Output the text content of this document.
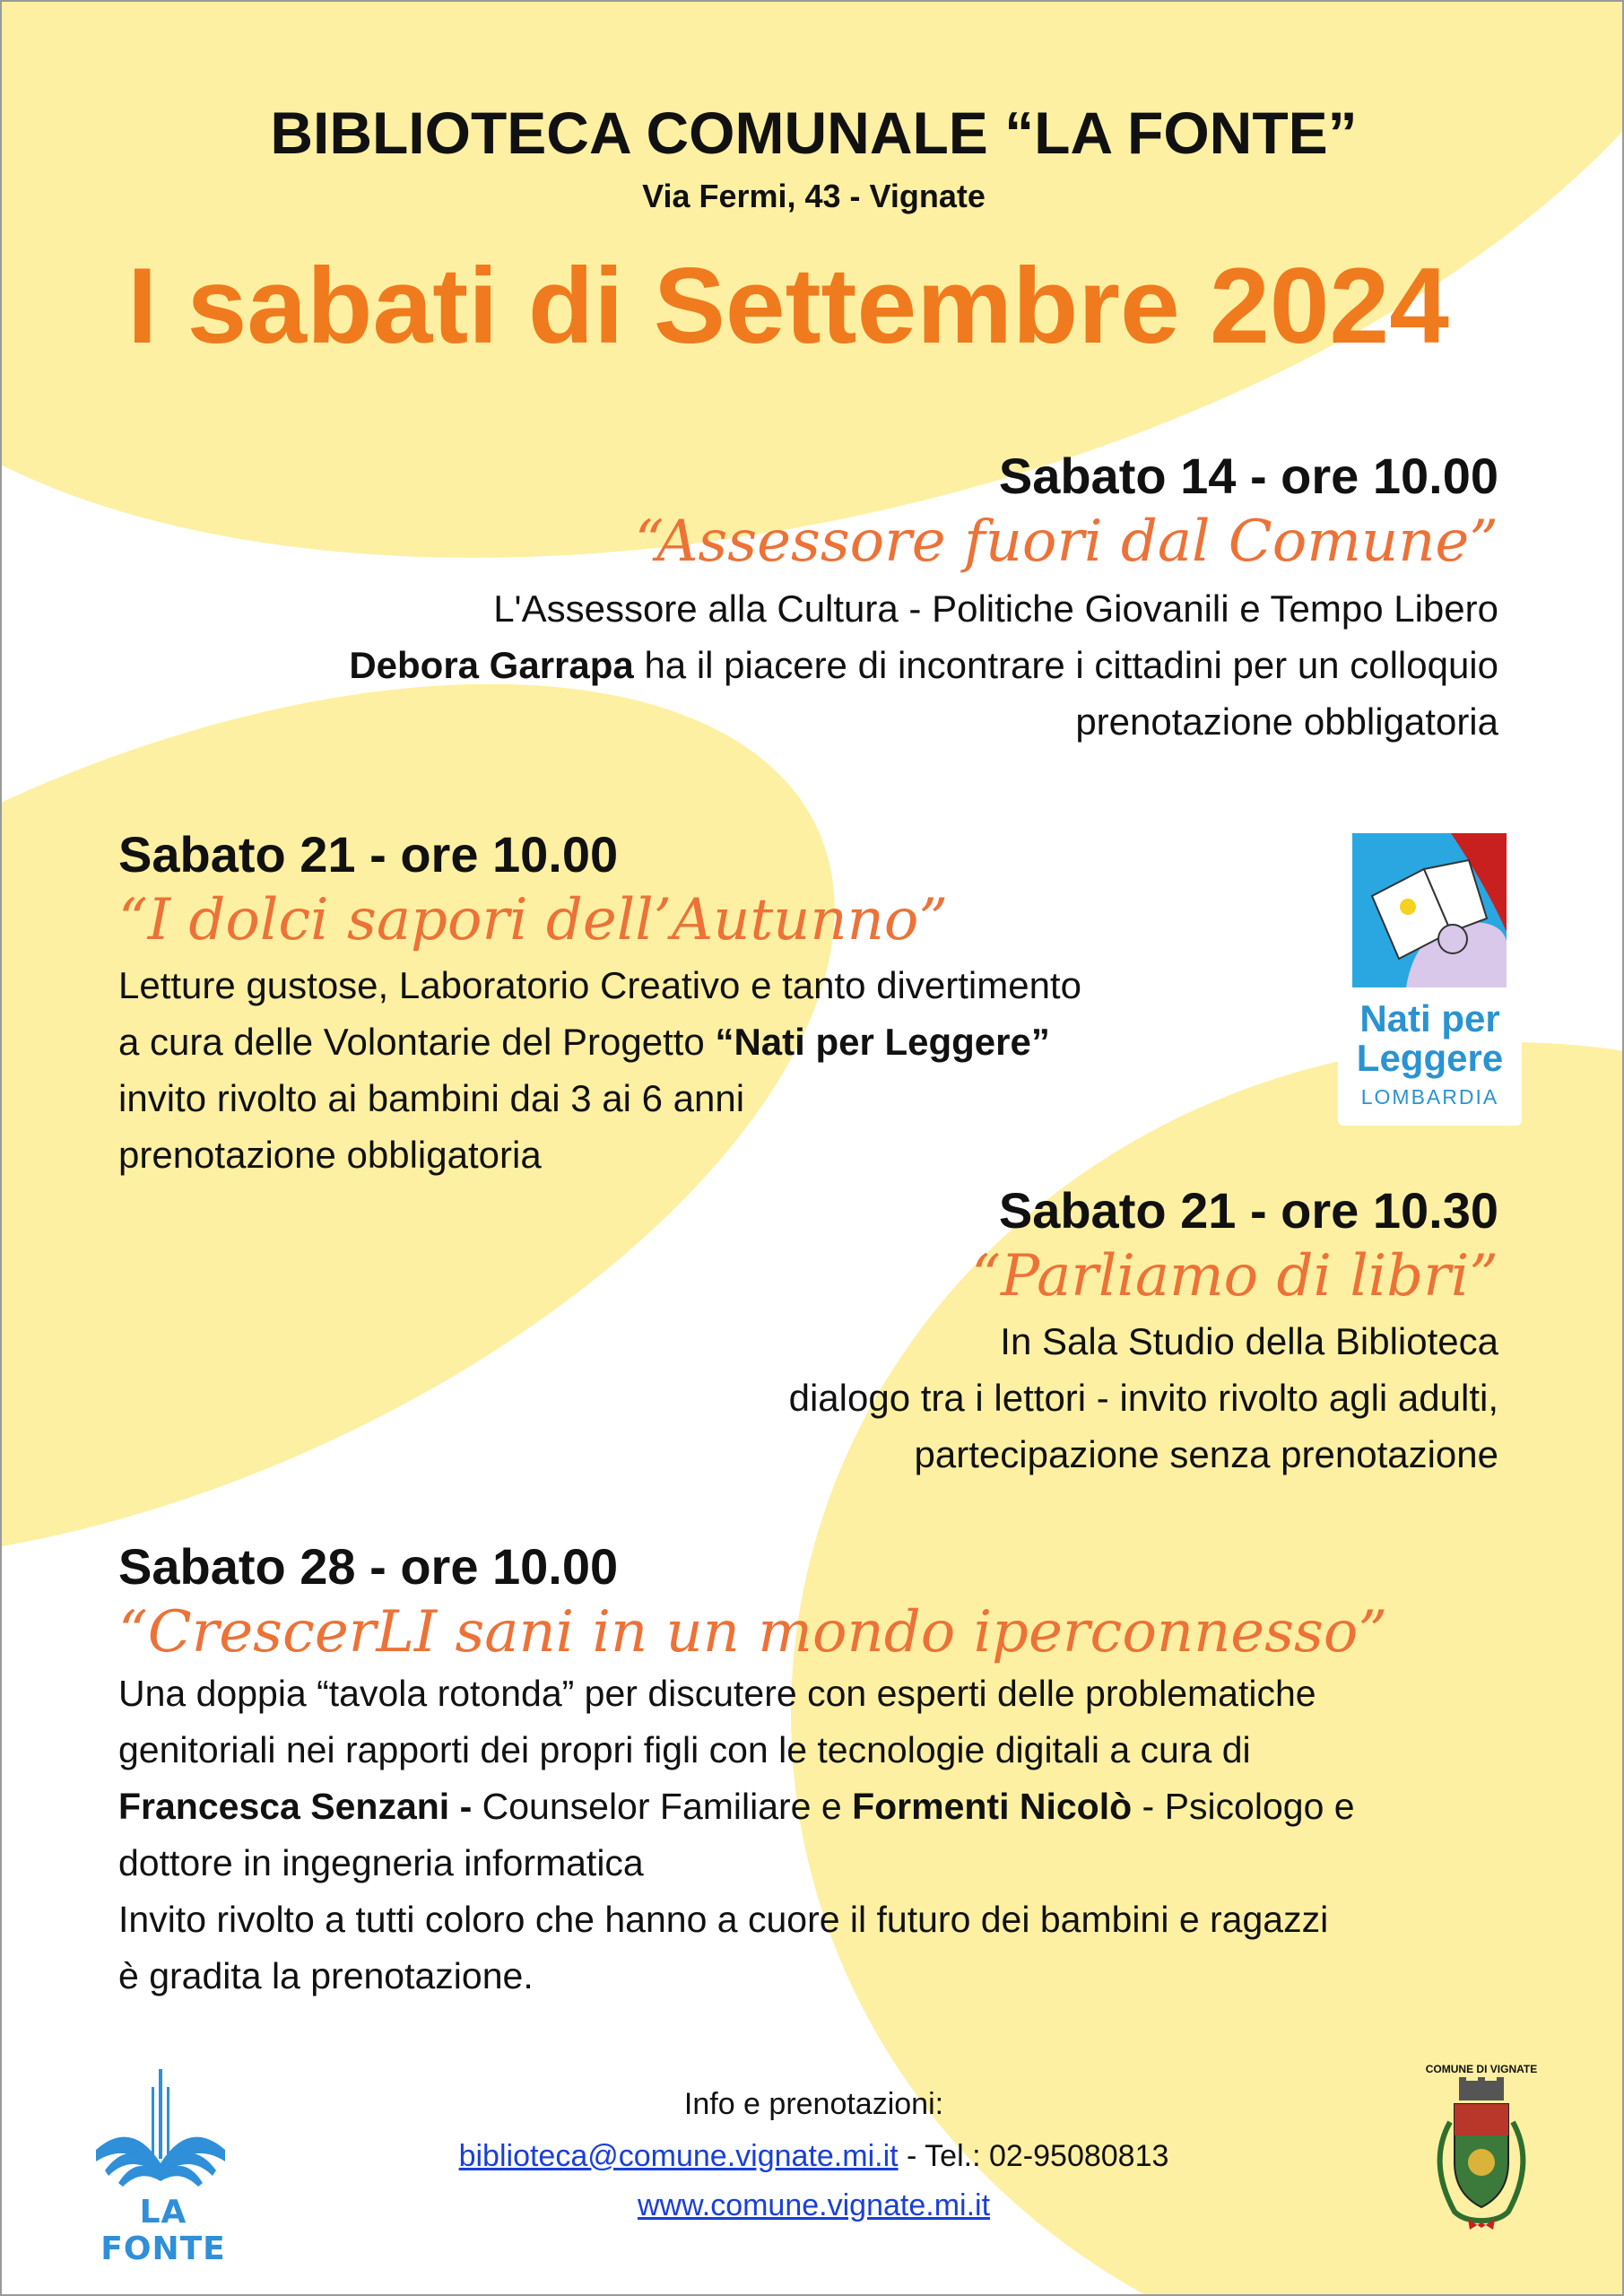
BIBLIOTECA COMUNALE “LA FONTE”
Via Fermi, 43 - Vignate
I sabati di Settembre 2024
Sabato 14 - ore 10.00
“Assessore fuori dal Comune”
L'Assessore alla Cultura - Politiche Giovanili e Tempo Libero
Debora Garrapa ha il piacere di incontrare i cittadini per un colloquio
prenotazione obbligatoria
Sabato 21 - ore 10.00
“I dolci sapori dell’Autunno”
Letture gustose, Laboratorio Creativo e tanto divertimento
a cura delle Volontarie del Progetto “Nati per Leggere”
invito rivolto ai bambini dai 3 ai 6 anni
prenotazione obbligatoria
Nati per
Leggere
LOMBARDIA
Sabato 21 - ore 10.30
“Parliamo di libri”
In Sala Studio della Biblioteca
dialogo tra i lettori - invito rivolto agli adulti,
partecipazione senza prenotazione
Sabato 28 - ore 10.00
“CrescerLI sani in un mondo iperconnesso”
Una doppia “tavola rotonda” per discutere con esperti delle problematiche
genitoriali nei rapporti dei propri figli con le tecnologie digitali a cura di
Francesca Senzani - Counselor Familiare e Formenti Nicolò - Psicologo e
dottore in ingegneria informatica
Invito rivolto a tutti coloro che hanno a cuore il futuro dei bambini e ragazzi
è gradita la prenotazione.
Info e prenotazioni:
biblioteca@comune.vignate.mi.it - Tel.: 02-95080813
www.comune.vignate.mi.it
LA FONTE
COMUNE DI VIGNATE
